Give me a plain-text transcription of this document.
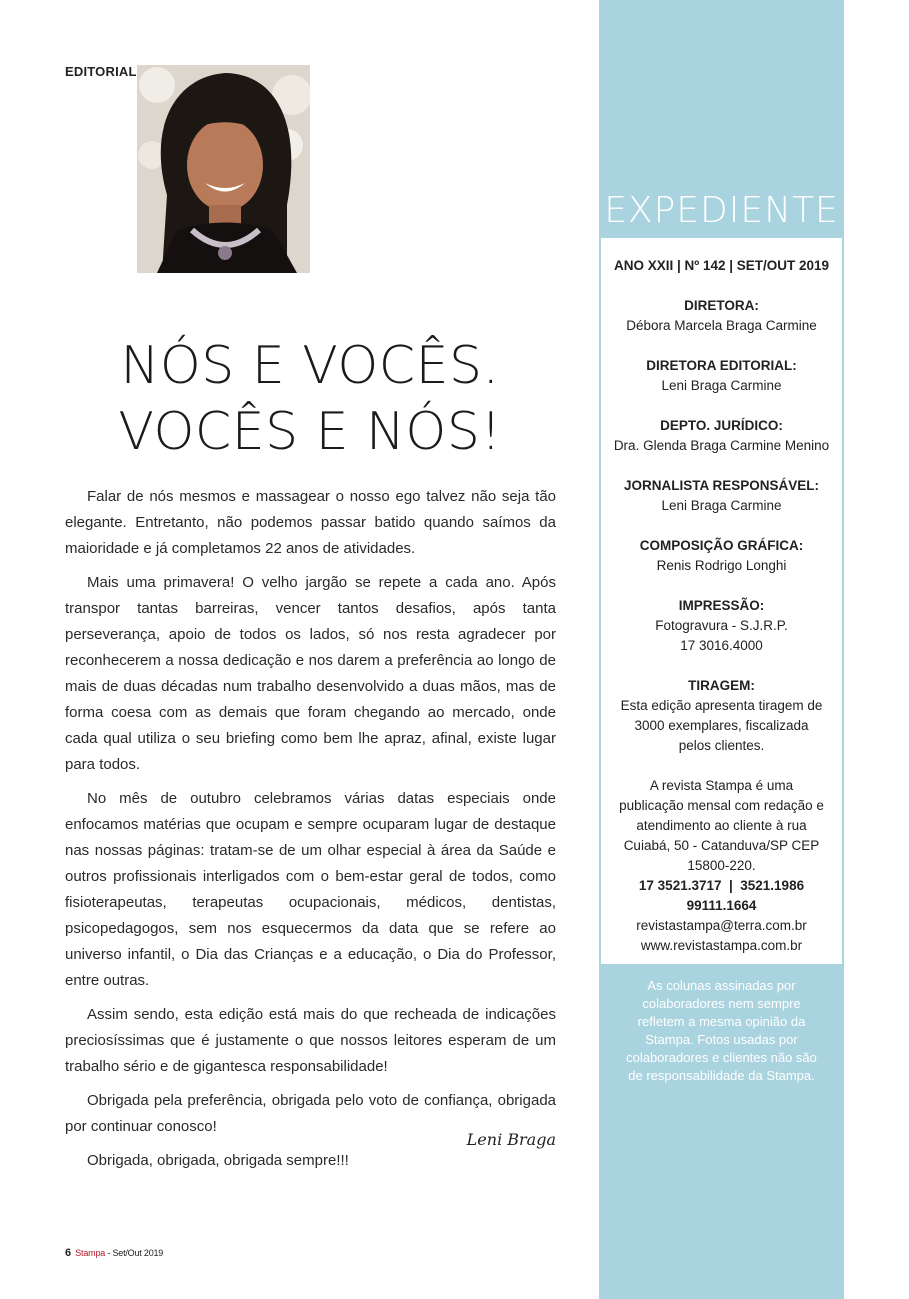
EDITORIAL
NÓS E VOCÊS.
VOCÊS E NÓS!

Falar de nós mesmos e massagear o nosso ego talvez não seja tão elegante. Entretanto, não podemos passar batido quando saímos da maioridade e já completamos 22 anos de atividades.

Mais uma primavera! O velho jargão se repete a cada ano. Após transpor tantas barreiras, vencer tantos desafios, após tanta perseverança, apoio de todos os lados, só nos resta agradecer por reconhecerem a nossa dedicação e nos darem a preferência ao longo de mais de duas décadas num trabalho desenvolvido a duas mãos, mas de forma coesa com as demais que foram chegando ao mercado, onde cada qual utiliza o seu briefing como bem lhe apraz, afinal, existe lugar para todos.

No mês de outubro celebramos várias datas especiais onde enfocamos matérias que ocupam e sempre ocuparam lugar de destaque nas nossas páginas: tratam-se de um olhar especial à área da Saúde e outros profissionais interligados com o bem-estar geral de todos, como fisioterapeutas, terapeutas ocupacionais, médicos, dentistas, psicopedagogos, sem nos esquecermos da data que se refere ao universo infantil, o Dia das Crianças e a educação, o Dia do Professor, entre outras.

Assim sendo, esta edição está mais do que recheada de indicações preciosíssimas que é justamente o que nossos leitores esperam de um trabalho sério e de gigantesca responsabilidade!

Obrigada pela preferência, obrigada pelo voto de confiança, obrigada por continuar conosco!

Obrigada, obrigada, obrigada sempre!!!

Leni Braga
6 Stampa - Set/Out 2019
EXPEDIENTE
ANO XXII | Nº 142 | SET/OUT 2019
DIRETORA:
Débora Marcela Braga Carmine
DIRETORA EDITORIAL:
Leni Braga Carmine
DEPTO. JURÍDICO:
Dra. Glenda Braga Carmine Menino
JORNALISTA RESPONSÁVEL:
Leni Braga Carmine
COMPOSIÇÃO GRÁFICA:
Renis Rodrigo Longhi
IMPRESSÃO:
Fotogravura - S.J.R.P.
17 3016.4000
TIRAGEM:
Esta edição apresenta tiragem de 3000 exemplares, fiscalizada pelos clientes.
A revista Stampa é uma publicação mensal com redação e atendimento ao cliente à rua Cuiabá, 50 - Catanduva/SP CEP 15800-220.
17 3521.3717  |  3521.1986
99111.1664
revistastampa@terra.com.br
www.revistastampa.com.br
As colunas assinadas por colaboradores nem sempre refletem a mesma opinião da Stampa. Fotos usadas por colaboradores e clientes não são de responsabilidade da Stampa.
